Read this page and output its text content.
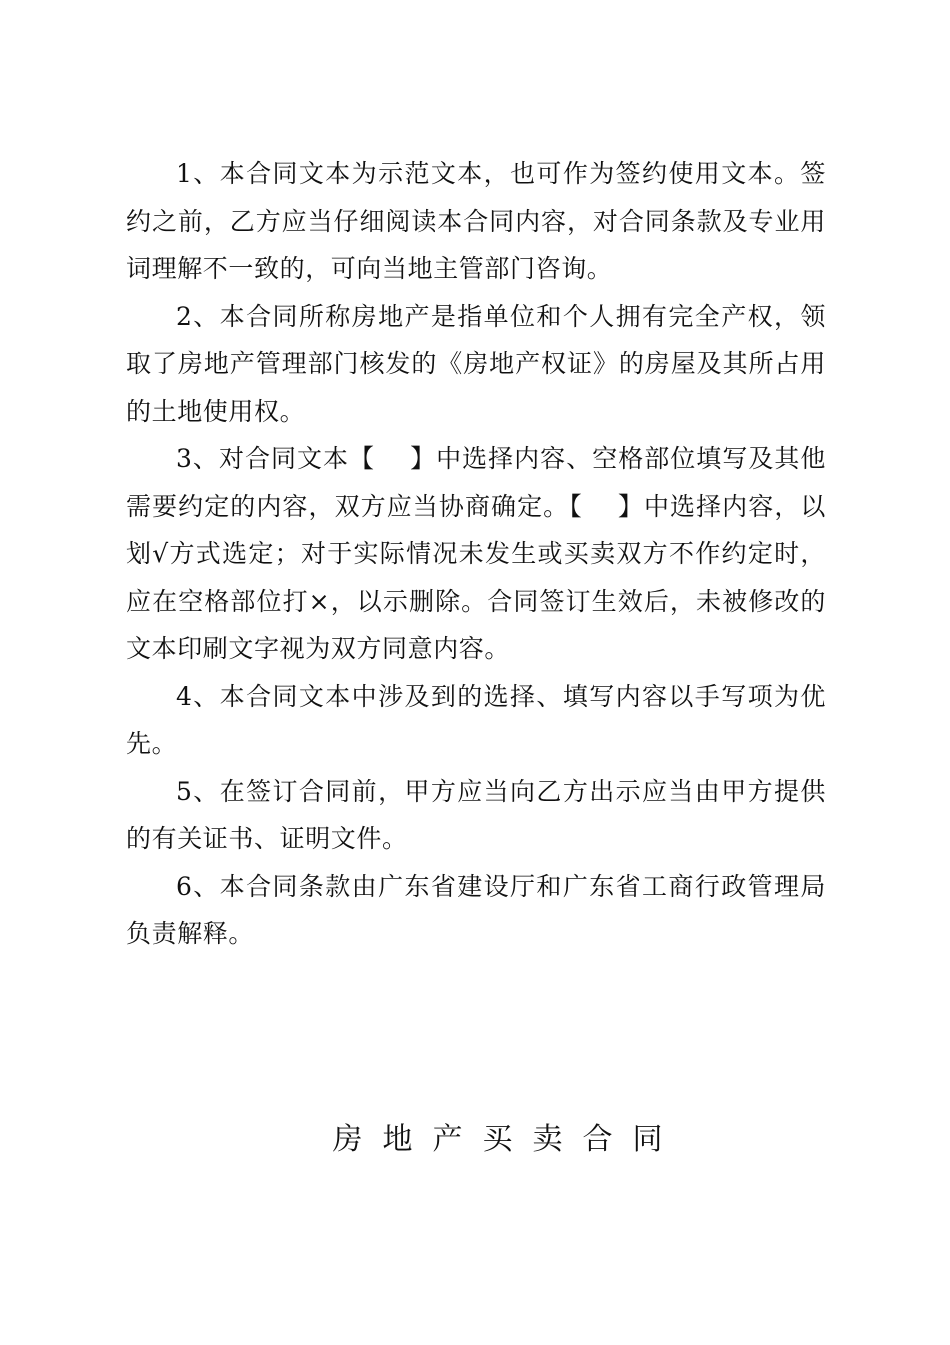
1、本合同文本为示范文本，也可作为签约使用文本。签约之前，乙方应当仔细阅读本合同内容，对合同条款及专业用词理解不一致的，可向当地主管部门咨询。

2、本合同所称房地产是指单位和个人拥有完全产权，领取了房地产管理部门核发的《房地产权证》的房屋及其所占用的土地使用权。

3、对合同文本【　 】中选择内容、空格部位填写及其他需要约定的内容，双方应当协商确定。【　 】中选择内容，以划√方式选定；对于实际情况未发生或买卖双方不作约定时，应在空格部位打×，以示删除。合同签订生效后，未被修改的文本印刷文字视为双方同意内容。

4、本合同文本中涉及到的选择、填写内容以手写项为优先。

5、在签订合同前，甲方应当向乙方出示应当由甲方提供的有关证书、证明文件。

6、本合同条款由广东省建设厅和广东省工商行政管理局负责解释。

房地产买卖合同
